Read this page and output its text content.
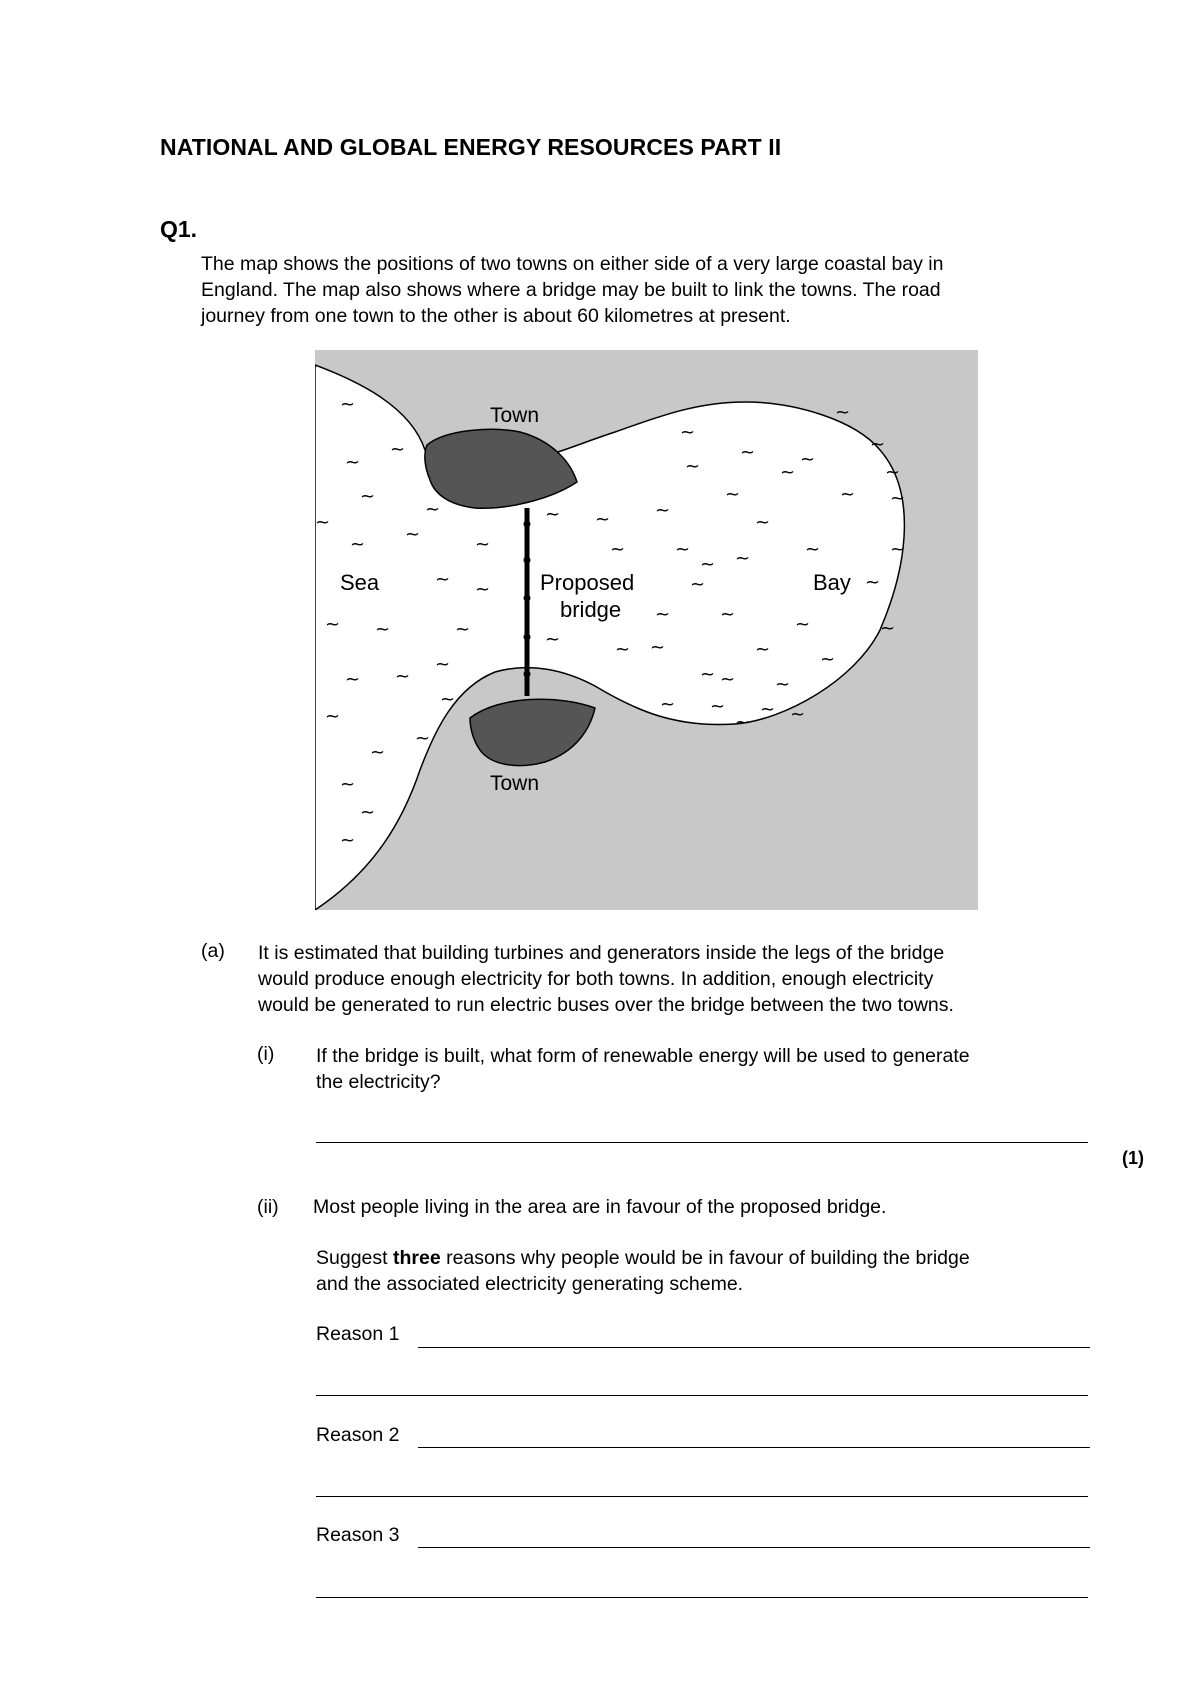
NATIONAL AND GLOBAL ENERGY RESOURCES PART II
Q1.
The map shows the positions of two towns on either side of a very large coastal bay in
England. The map also shows where a bridge may be built to link the towns. The road
journey from one town to the other is about 60 kilometres at present.
~
~
~
~
~
~
~
~	~
~ ~
~ ~	~
~
~ ~
~
~
~
~
~
~
~
~
~
~ ~
~
~	~	~
~	~ ~
~	~
~	~
~	~	~	~
~
~
~	~
~	~	~	~
~	~ ~	~	~
~ ~ ~
~ ~ ~ ~
~
Town
Sea	Proposed
bridge
Bay
Town
(a) It is estimated that building turbines and generators inside the legs of the bridge
would produce enough electricity for both towns. In addition, enough electricity
would be generated to run electric buses over the bridge between the two towns.
(i) If the bridge is built, what form of renewable energy will be used to generate
the electricity?
(1)
(ii) Most people living in the area are in favour of the proposed bridge.
Suggest three reasons why people would be in favour of building the bridge
and the associated electricity generating scheme.
Reason 1
Reason 2
Reason 3
